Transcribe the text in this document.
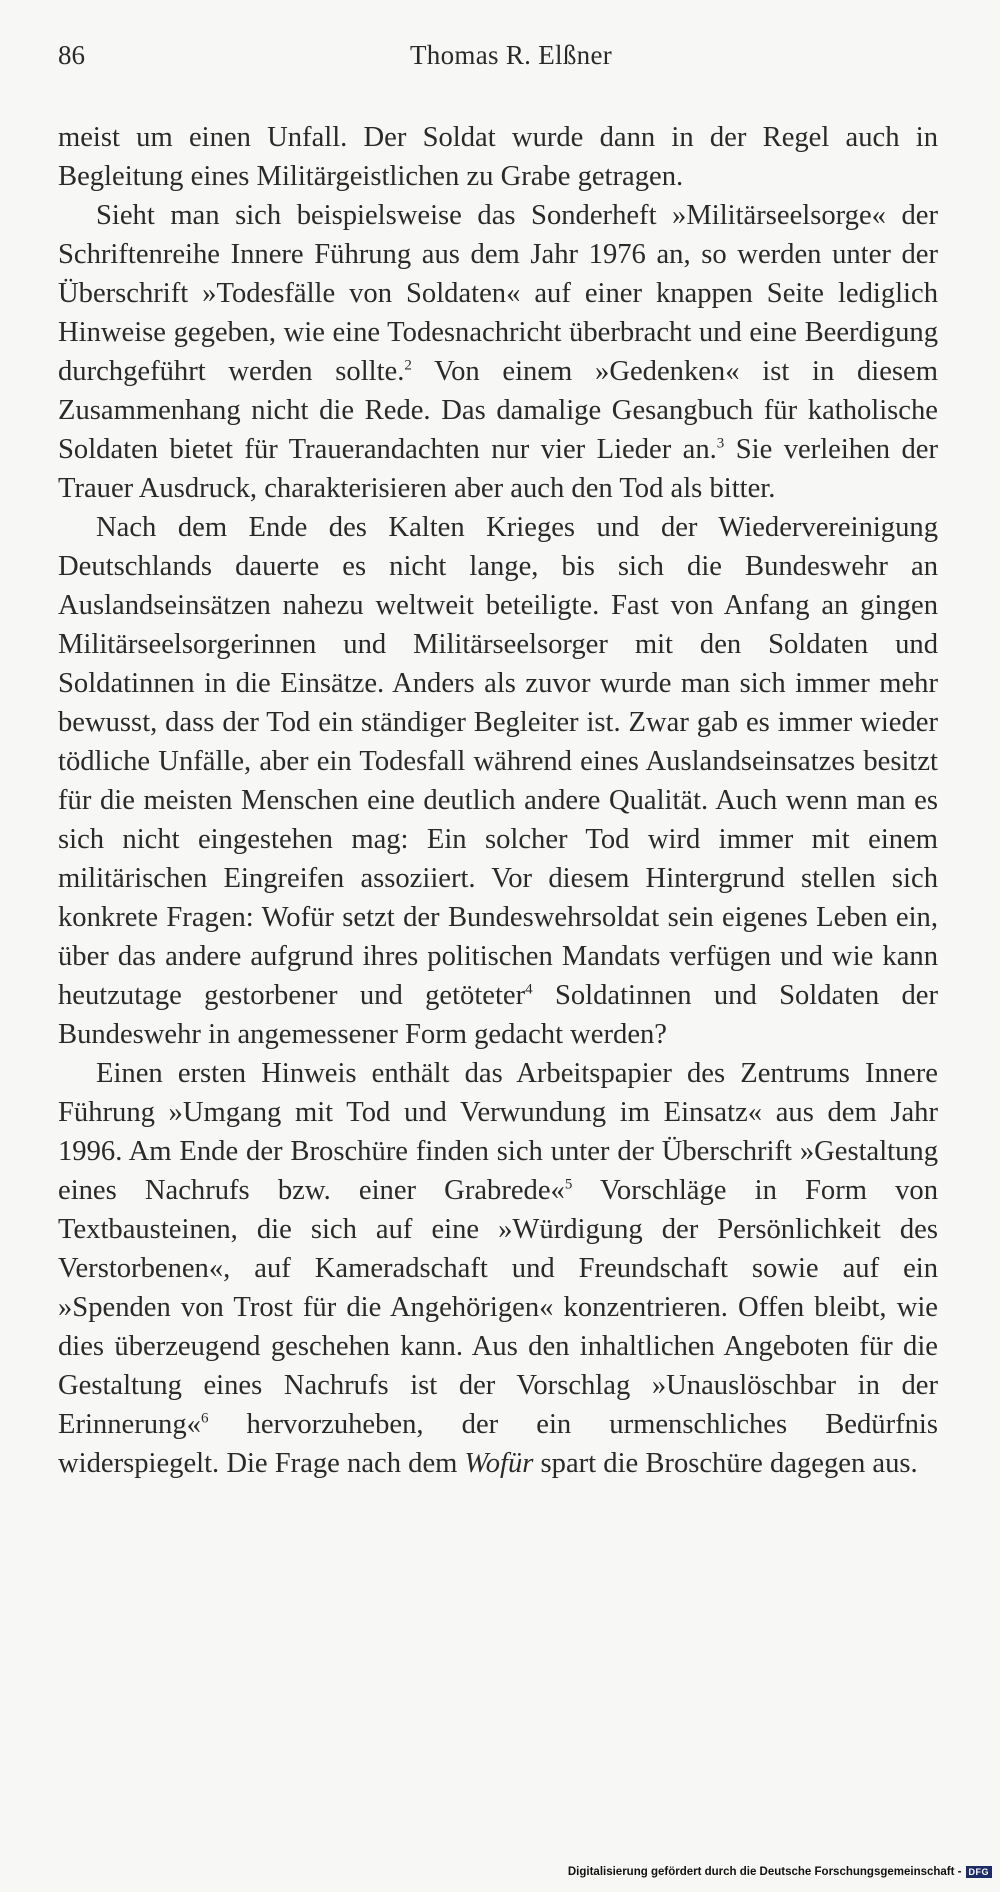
86	Thomas R. Elßner

meist um einen Unfall. Der Soldat wurde dann in der Regel auch in Begleitung eines Militärgeistlichen zu Grabe getragen.

Sieht man sich beispielsweise das Sonderheft »Militärseelsorge« der Schriftenreihe Innere Führung aus dem Jahr 1976 an, so werden unter der Überschrift »Todesfälle von Soldaten« auf einer knappen Seite lediglich Hinweise gegeben, wie eine Todesnachricht überbracht und eine Beerdigung durchgeführt werden sollte.$^2$ Von einem »Gedenken« ist in diesem Zusammenhang nicht die Rede. Das damalige Gesangbuch für katholische Soldaten bietet für Trauerandachten nur vier Lieder an.$^3$ Sie verleihen der Trauer Ausdruck, charakterisieren aber auch den Tod als bitter.

Nach dem Ende des Kalten Krieges und der Wiedervereinigung Deutschlands dauerte es nicht lange, bis sich die Bundeswehr an Auslandseinsätzen nahezu weltweit beteiligte. Fast von Anfang an gingen Militärseelsorgerinnen und Militärseelsorger mit den Soldaten und Soldatinnen in die Einsätze. Anders als zuvor wurde man sich immer mehr bewusst, dass der Tod ein ständiger Begleiter ist. Zwar gab es immer wieder tödliche Unfälle, aber ein Todesfall während eines Auslandseinsatzes besitzt für die meisten Menschen eine deutlich andere Qualität. Auch wenn man es sich nicht eingestehen mag: Ein solcher Tod wird immer mit einem militärischen Eingreifen assoziiert. Vor diesem Hintergrund stellen sich konkrete Fragen: Wofür setzt der Bundeswehrsoldat sein eigenes Leben ein, über das andere aufgrund ihres politischen Mandats verfügen und wie kann heutzutage gestorbener und getöteter$^4$ Soldatinnen und Soldaten der Bundeswehr in angemessener Form gedacht werden?

Einen ersten Hinweis enthält das Arbeitspapier des Zentrums Innere Führung »Umgang mit Tod und Verwundung im Einsatz« aus dem Jahr 1996. Am Ende der Broschüre finden sich unter der Überschrift »Gestaltung eines Nachrufs bzw. einer Grabrede«$^5$ Vorschläge in Form von Textbausteinen, die sich auf eine »Würdigung der Persönlichkeit des Verstorbenen«, auf Kameradschaft und Freundschaft sowie auf ein »Spenden von Trost für die Angehörigen« konzentrieren. Offen bleibt, wie dies überzeugend geschehen kann. Aus den inhaltlichen Angeboten für die Gestaltung eines Nachrufs ist der Vorschlag »Unauslöschbar in der Erinnerung«$^6$ hervorzuheben, der ein urmenschliches Bedürfnis widerspiegelt. Die Frage nach dem Wofür spart die Broschüre dagegen aus.

Digitalisierung gefördert durch die Deutsche Forschungsgemeinschaft - DFG
